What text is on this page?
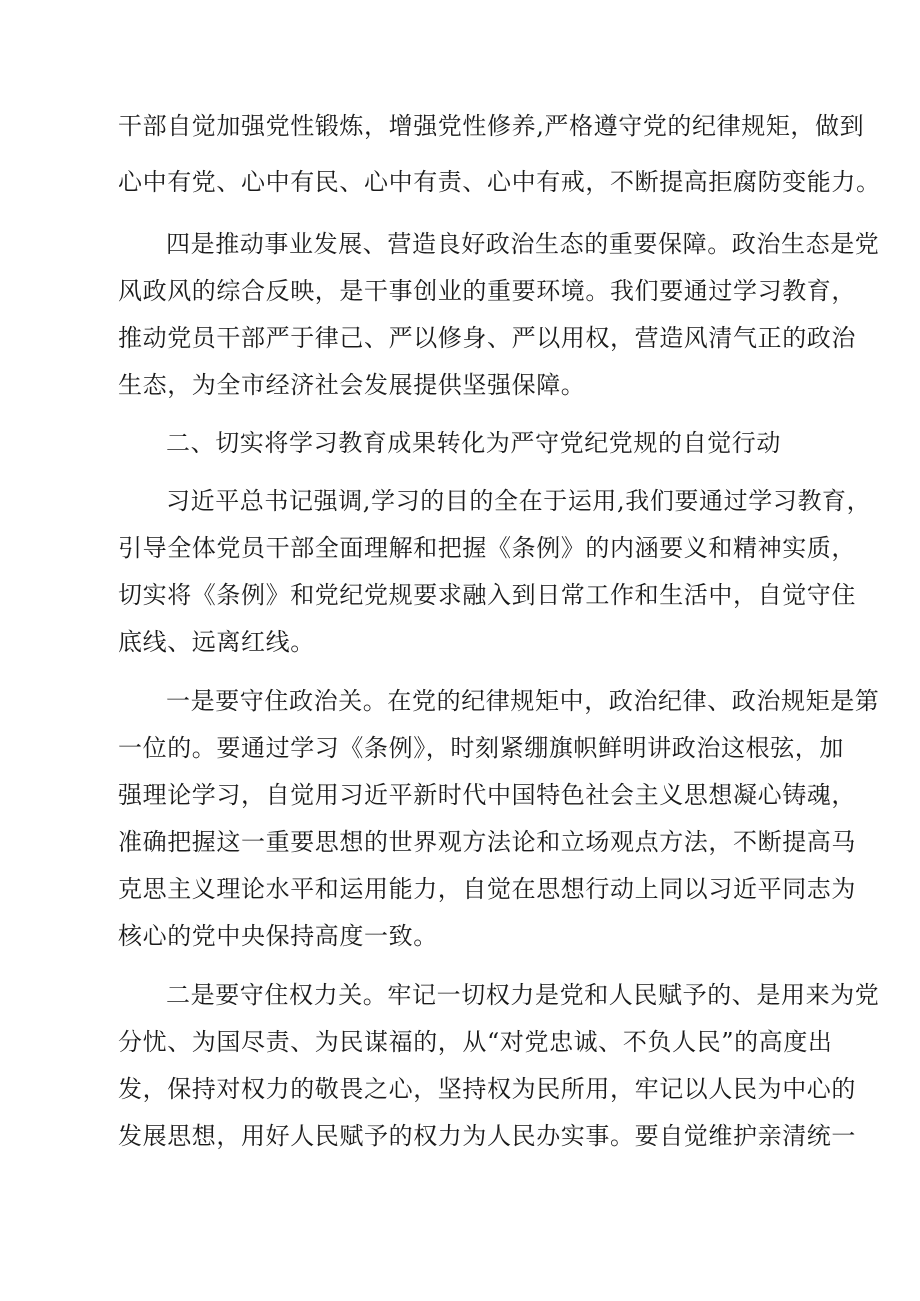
干部自觉加强党性锻炼，增强党性修养,严格遵守党的纪律规矩，做到

心中有党、心中有民、心中有责、心中有戒，不断提高拒腐防变能力。

四是推动事业发展、营造良好政治生态的重要保障。政治生态是党

风政风的综合反映，是干事创业的重要环境。我们要通过学习教育，

推动党员干部严于律己、严以修身、严以用权，营造风清气正的政治

生态，为全市经济社会发展提供坚强保障。

二、切实将学习教育成果转化为严守党纪党规的自觉行动

习近平总书记强调,学习的目的全在于运用,我们要通过学习教育，

引导全体党员干部全面理解和把握《条例》的内涵要义和精神实质，

切实将《条例》和党纪党规要求融入到日常工作和生活中，自觉守住

底线、远离红线。

一是要守住政治关。在党的纪律规矩中，政治纪律、政治规矩是第

一位的。要通过学习《条例》，时刻紧绷旗帜鲜明讲政治这根弦，加

强理论学习，自觉用习近平新时代中国特色社会主义思想凝心铸魂，

准确把握这一重要思想的世界观方法论和立场观点方法，不断提高马

克思主义理论水平和运用能力，自觉在思想行动上同以习近平同志为

核心的党中央保持高度一致。

二是要守住权力关。牢记一切权力是党和人民赋予的、是用来为党

分忧、为国尽责、为民谋福的，从“对党忠诚、不负人民”的高度出

发，保持对权力的敬畏之心，坚持权为民所用，牢记以人民为中心的

发展思想，用好人民赋予的权力为人民办实事。要自觉维护亲清统一
